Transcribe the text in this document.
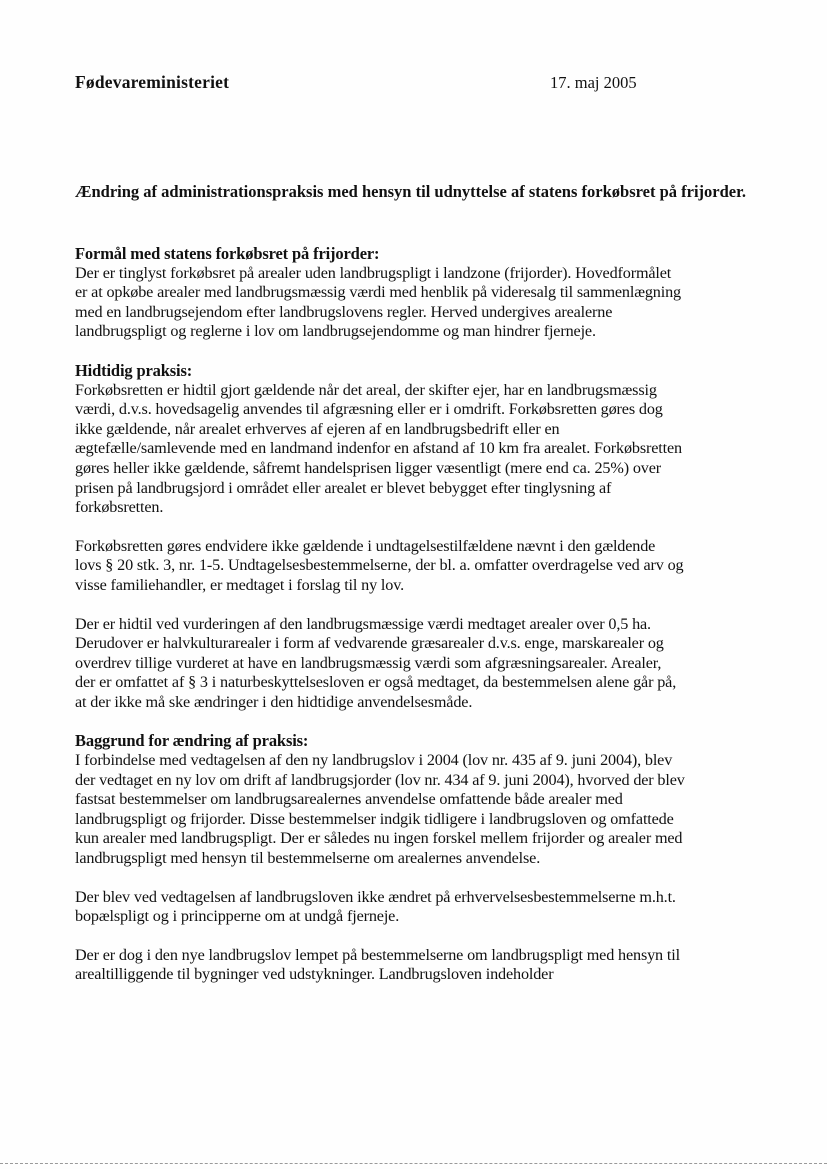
Fødevareministeriet	17. maj 2005
Ændring af administrationspraksis med hensyn til udnyttelse af statens forkøbsret på frijorder.
Formål med statens forkøbsret på frijorder:
Der er tinglyst forkøbsret på arealer uden landbrugspligt i landzone (frijorder). Hovedformålet er at opkøbe arealer med landbrugsmæssig værdi med henblik på videresalg til sammenlægning med en landbrugsejendom efter landbrugslovens regler. Herved undergives arealerne landbrugspligt og reglerne i lov om landbrugsejendomme og man hindrer fjerneje.
Hidtidig praksis:
Forkøbsretten er hidtil gjort gældende når det areal, der skifter ejer, har en landbrugsmæssig værdi, d.v.s. hovedsagelig anvendes til afgræsning eller er i omdrift. Forkøbsretten gøres dog ikke gældende, når arealet erhverves af ejeren af en landbrugsbedrift eller en ægtefælle/samlevende med en landmand indenfor en afstand af 10 km fra arealet. Forkøbsretten gøres heller ikke gældende, såfremt handelsprisen ligger væsentligt (mere end ca. 25%) over prisen på landbrugsjord i området eller arealet er blevet bebygget efter tinglysning af forkøbsretten.
Forkøbsretten gøres endvidere ikke gældende i undtagelsestilfældene nævnt i den gældende lovs § 20 stk. 3, nr. 1-5. Undtagelsesbestemmelserne, der bl. a. omfatter overdragelse ved arv og visse familiehandler, er medtaget i forslag til ny lov.
Der er hidtil ved vurderingen af den landbrugsmæssige værdi medtaget arealer over 0,5 ha. Derudover er halvkulturarealer i form af vedvarende græsarealer d.v.s. enge, marskarealer og overdrev tillige vurderet at have en landbrugsmæssig værdi som afgræsningsarealer. Arealer, der er omfattet af § 3 i naturbeskyttelsesloven er også medtaget, da bestemmelsen alene går på, at der ikke må ske ændringer i den hidtidige anvendelsesmåde.
Baggrund for ændring af praksis:
I forbindelse med vedtagelsen af den ny landbrugslov i 2004 (lov nr. 435 af 9. juni 2004), blev der vedtaget en ny lov om drift af landbrugsjorder (lov nr. 434 af 9. juni 2004), hvorved der blev fastsat bestemmelser om landbrugsarealernes anvendelse omfattende både arealer med landbrugspligt og frijorder. Disse bestemmelser indgik tidligere i landbrugsloven og omfattede kun arealer med landbrugspligt. Der er således nu ingen forskel mellem frijorder og arealer med landbrugspligt med hensyn til bestemmelserne om arealernes anvendelse.
Der blev ved vedtagelsen af landbrugsloven ikke ændret på erhvervelsesbestemmelserne m.h.t. bopælspligt og i principperne om at undgå fjerneje.
Der er dog i den nye landbrugslov lempet på bestemmelserne om landbrugspligt med hensyn til arealtilliggende til bygninger ved udstykninger. Landbrugsloven indeholder
